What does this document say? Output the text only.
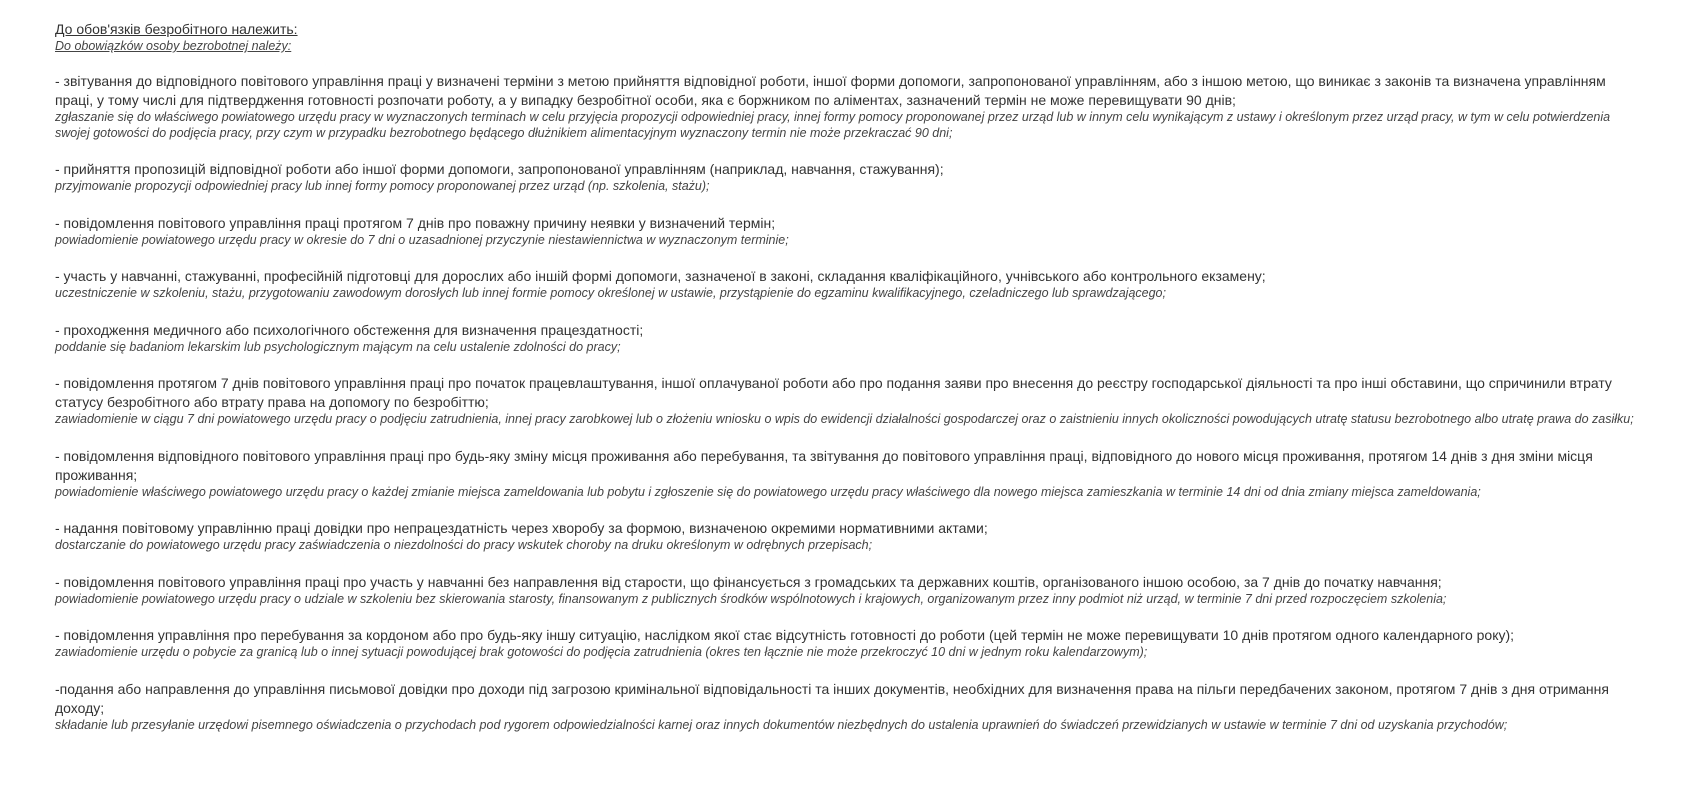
До обов'язків безробітного належить:

Do obowiązków osoby bezrobotnej należy:

- звітування до відповідного повітового управління праці у визначені терміни з метою прийняття відповідної роботи, іншої форми допомоги, запропонованої управлінням, або з іншою метою, що виникає з законів та визначена управлінням праці, у тому числі для підтвердження готовності розпочати роботу, а у випадку безробітної особи, яка є боржником по аліментах, зазначений термін не може перевищувати 90 днів;

zgłaszanie się do właściwego powiatowego urzędu pracy w wyznaczonych terminach w celu przyjęcia propozycji odpowiedniej pracy, innej formy pomocy proponowanej przez urząd lub w innym celu wynikającym z ustawy i określonym przez urząd pracy, w tym w celu potwierdzenia swojej gotowości do podjęcia pracy, przy czym w przypadku bezrobotnego będącego dłużnikiem alimentacyjnym wyznaczony termin nie może przekraczać 90 dni;

- прийняття пропозицій відповідної роботи або іншої форми допомоги, запропонованої управлінням (наприклад, навчання, стажування);

przyjmowanie propozycji odpowiedniej pracy lub innej formy pomocy proponowanej przez urząd (np. szkolenia, stażu);

- повідомлення повітового управління праці протягом 7 днів про поважну причину неявки у визначений термін;

powiadomienie powiatowego urzędu pracy w okresie do 7 dni o uzasadnionej przyczynie niestawiennictwa w wyznaczonym terminie;

- участь у навчанні, стажуванні, професійній підготовці для дорослих або іншій формі допомоги, зазначеної в законі, складання кваліфікаційного, учнівського або контрольного екзамену;

uczestniczenie w szkoleniu, stażu, przygotowaniu zawodowym dorosłych lub innej formie pomocy określonej w ustawie, przystąpienie do egzaminu kwalifikacyjnego, czeladniczego lub sprawdzającego;

- проходження медичного або психологічного обстеження для визначення працездатності;

poddanie się badaniom lekarskim lub psychologicznym mającym na celu ustalenie zdolności do pracy;

- повідомлення протягом 7 днів повітового управління праці про початок працевлаштування, іншої оплачуваної роботи або про подання заяви про внесення до реєстру господарської діяльності та про інші обставини, що спричинили втрату статусу безробітного або втрату права на допомогу по безробіттю;

zawiadomienie w ciągu 7 dni powiatowego urzędu pracy o podjęciu zatrudnienia, innej pracy zarobkowej lub o złożeniu wniosku o wpis do ewidencji działalności gospodarczej oraz o zaistnieniu innych okoliczności powodujących utratę statusu bezrobotnego albo utratę prawa do zasiłku;

- повідомлення відповідного повітового управління праці про будь-яку зміну місця проживання або перебування, та звітування до повітового управління праці, відповідного до нового місця проживання, протягом 14 днів з дня зміни місця проживання;

powiadomienie właściwego powiatowego urzędu pracy o każdej zmianie miejsca zameldowania lub pobytu i zgłoszenie się do powiatowego urzędu pracy właściwego dla nowego miejsca zamieszkania w terminie 14 dni od dnia zmiany miejsca zameldowania;

- надання повітовому управлінню праці довідки про непрацездатність через хворобу за формою, визначеною окремими нормативними актами;

dostarczanie do powiatowego urzędu pracy zaświadczenia o niezdolności do pracy wskutek choroby na druku określonym w odrębnych przepisach;

- повідомлення повітового управління праці про участь у навчанні без направлення від старости, що фінансується з громадських та державних коштів, організованого іншою особою, за 7 днів до початку навчання;

powiadomienie powiatowego urzędu pracy o udziale w szkoleniu bez skierowania starosty, finansowanym z publicznych środków wspólnotowych i krajowych, organizowanym przez inny podmiot niż urząd, w terminie 7 dni przed rozpoczęciem szkolenia;

- повідомлення управління про перебування за кордоном або про будь-яку іншу ситуацію, наслідком якої стає відсутність готовності до роботи (цей термін не може перевищувати 10 днів протягом одного календарного року);

zawiadomienie urzędu o pobycie za granicą lub o innej sytuacji powodującej brak gotowości do podjęcia zatrudnienia (okres ten łącznie nie może przekroczyć 10 dni w jednym roku kalendarzowym);

-подання або направлення до управління письмової довідки про доходи під загрозою кримінальної відповідальності та інших документів, необхідних для визначення права на пільги передбачених законом, протягом 7 днів з дня отримання доходу;

składanie lub przesyłanie urzędowi pisemnego oświadczenia o przychodach pod rygorem odpowiedzialności karnej oraz innych dokumentów niezbędnych do ustalenia uprawnień do świadczeń przewidzianych w ustawie w terminie 7 dni od uzyskania przychodów;
